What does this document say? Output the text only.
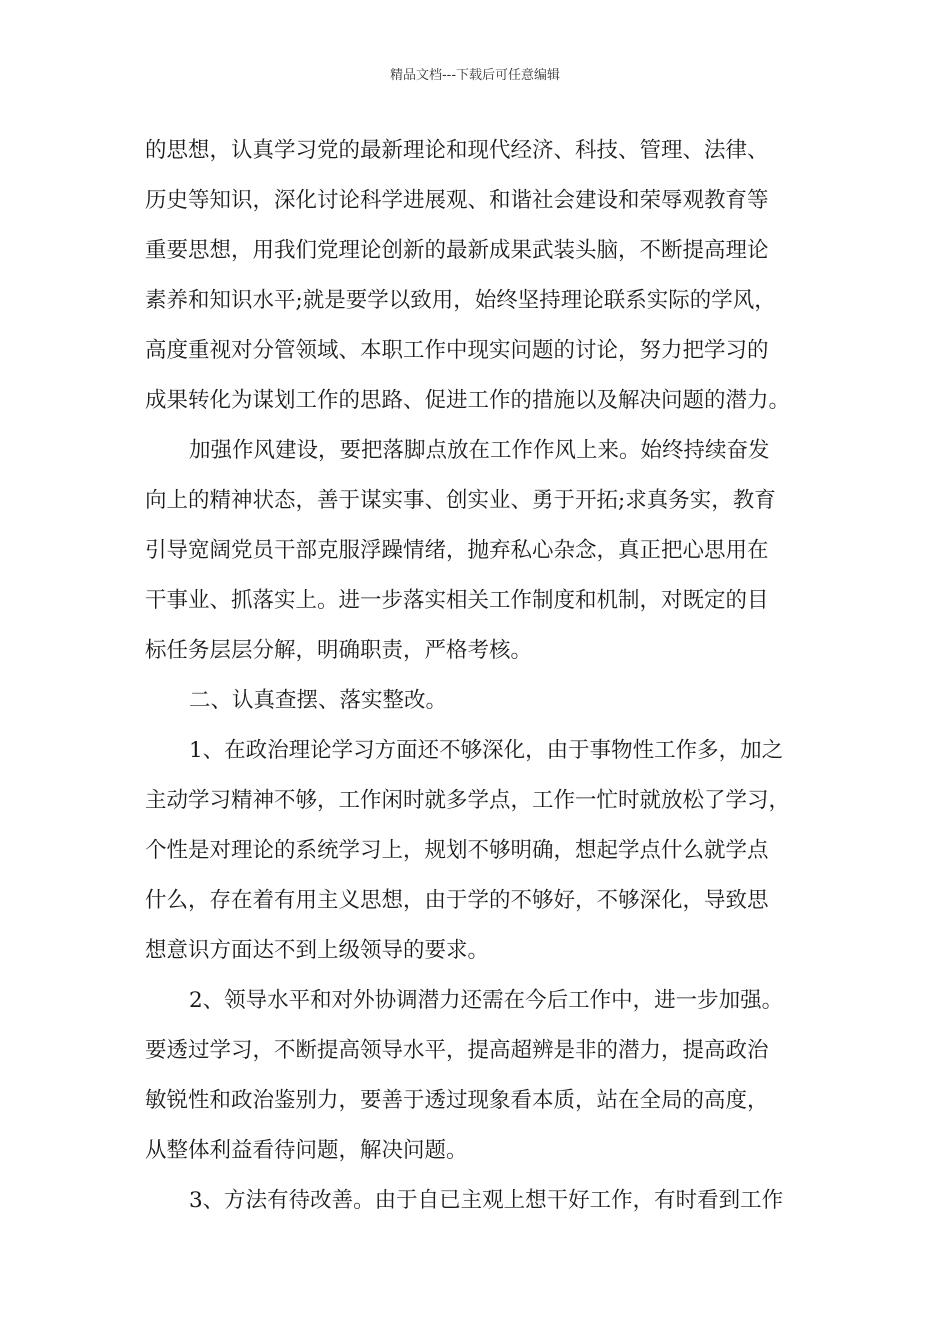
精品文档---下载后可任意编辑
的思想，认真学习党的最新理论和现代经济、科技、管理、法律、
历史等知识，深化讨论科学进展观、和谐社会建设和荣辱观教育等
重要思想，用我们党理论创新的最新成果武装头脑，不断提高理论
素养和知识水平;就是要学以致用，始终坚持理论联系实际的学风，
高度重视对分管领域、本职工作中现实问题的讨论，努力把学习的
成果转化为谋划工作的思路、促进工作的措施以及解决问题的潜力。
加强作风建设，要把落脚点放在工作作风上来。始终持续奋发
向上的精神状态，善于谋实事、创实业、勇于开拓;求真务实，教育
引导宽阔党员干部克服浮躁情绪，抛弃私心杂念，真正把心思用在
干事业、抓落实上。进一步落实相关工作制度和机制，对既定的目
标任务层层分解，明确职责，严格考核。
二、认真查摆、落实整改。
1、在政治理论学习方面还不够深化，由于事物性工作多，加之
主动学习精神不够，工作闲时就多学点，工作一忙时就放松了学习，
个性是对理论的系统学习上，规划不够明确，想起学点什么就学点
什么，存在着有用主义思想，由于学的不够好，不够深化，导致思
想意识方面达不到上级领导的要求。
2、领导水平和对外协调潜力还需在今后工作中，进一步加强。
要透过学习，不断提高领导水平，提高超辨是非的潜力，提高政治
敏锐性和政治鉴别力，要善于透过现象看本质，站在全局的高度，
从整体利益看待问题，解决问题。
3、方法有待改善。由于自已主观上想干好工作，有时看到工作
